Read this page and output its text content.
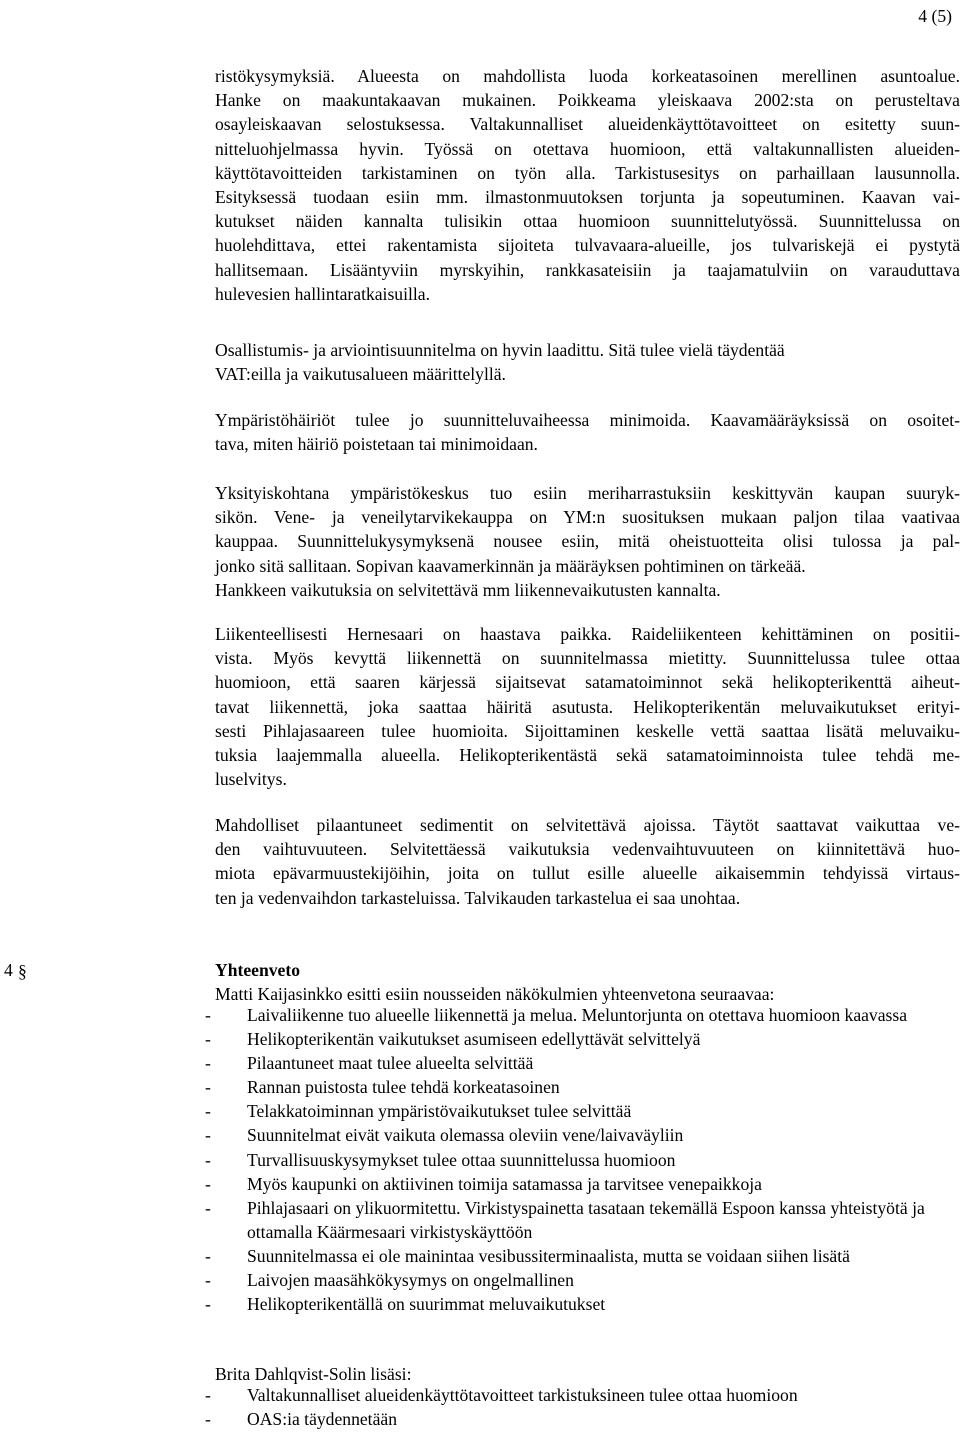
4 (5)
ristökysymyksiä. Alueesta on mahdollista luoda korkeatasoinen merellinen asuntoalue.
Hanke on maakuntakaavan mukainen. Poikkeama yleiskaava 2002:sta on perusteltava
osayleiskaavan selostuksessa. Valtakunnalliset alueidenkäyttötavoitteet on esitetty suun-
nitteluohjelmassa hyvin. Työssä on otettava huomioon, että valtakunnallisten alueiden-
käyttötavoitteiden tarkistaminen on työn alla. Tarkistusesitys on parhaillaan lausunnolla.
Esityksessä tuodaan esiin mm. ilmastonmuutoksen torjunta ja sopeutuminen. Kaavan vai-
kutukset näiden kannalta tulisikin ottaa huomioon suunnittelutyössä. Suunnittelussa on
huolehdittava, ettei rakentamista sijoiteta tulvavaara-alueille, jos tulvariskejä ei pystytä
hallitsemaan. Lisääntyviin myrskyihin, rankkasateisiin ja taajamatulviin on varauduttava
hulevesien hallintaratkaisuilla.
Osallistumis- ja arviointisuunnitelma on hyvin laadittu. Sitä tulee vielä täydentää
VAT:eilla ja vaikutusalueen määrittelyllä.
Ympäristöhäiriöt tulee jo suunnitteluvaiheessa minimoida. Kaavamääräyksissä on osoitet-
tava, miten häiriö poistetaan tai minimoidaan.
Yksityiskohtana ympäristökeskus tuo esiin meriharrastuksiin keskittyvän kaupan suuryk-
sikön. Vene- ja veneilytarvikekauppa on YM:n suosituksen mukaan paljon tilaa vaativaa
kauppaa. Suunnittelukysymyksenä nousee esiin, mitä oheistuotteita olisi tulossa ja pal-
jonko sitä sallitaan. Sopivan kaavamerkinnän ja määräyksen pohtiminen on tärkeää.
Hankkeen vaikutuksia on selvitettävä mm liikennevaikutusten kannalta.
Liikenteellisesti Hernesaari on haastava paikka. Raideliikenteen kehittäminen on positii-
vista. Myös kevyttä liikennettä on suunnitelmassa mietitty. Suunnittelussa tulee ottaa
huomioon, että saaren kärjessä sijaitsevat satamatoiminnot sekä helikopterikenttä aiheut-
tavat liikennettä, joka saattaa häiritä asutusta. Helikopterikentän meluvaikutukset erityi-
sesti Pihlajasaareen tulee huomioita. Sijoittaminen keskelle vettä saattaa lisätä meluvaiku-
tuksia laajemmalla alueella. Helikopterikentästä sekä satamatoiminnoista tulee tehdä me-
luselvitys.
Mahdolliset pilaantuneet sedimentit on selvitettävä ajoissa. Täytöt saattavat vaikuttaa ve-
den vaihtuvuuteen. Selvitettäessä vaikutuksia vedenvaihtuvuuteen on kiinnitettävä huo-
miota epävarmuustekijöihin, joita on tullut esille alueelle aikaisemmin tehdyissä virtaus-
ten ja vedenvaihdon tarkasteluissa. Talvikauden tarkastelua ei saa unohtaa.
4 §	Yhteenveto
Matti Kaijasinkko esitti esiin nousseiden näkökulmien yhteenvetona seuraavaa:
- Laivaliikenne tuo alueelle liikennettä ja melua. Meluntorjunta on otettava huomioon kaavassa
- Helikopterikentän vaikutukset asumiseen edellyttävät selvittelyä
- Pilaantuneet maat tulee alueelta selvittää
- Rannan puistosta tulee tehdä korkeatasoinen
- Telakkatoiminnan ympäristövaikutukset tulee selvittää
- Suunnitelmat eivät vaikuta olemassa oleviin vene/laivaväyliin
- Turvallisuuskysymykset tulee ottaa suunnittelussa huomioon
- Myös kaupunki on aktiivinen toimija satamassa ja tarvitsee venepaikkoja
- Pihlajasaari on ylikuormitettu. Virkistyspainetta tasataan tekemällä Espoon kanssa yhteistyötä ja ottamalla Käärmesaari virkistyskäyttöön
- Suunnitelmassa ei ole mainintaa vesibussiterminaalista, mutta se voidaan siihen lisätä
- Laivojen maasähkökysymys on ongelmallinen
- Helikopterikentällä on suurimmat meluvaikutukset
Brita Dahlqvist-Solin lisäsi:
- Valtakunnalliset alueidenkäyttötavoitteet tarkistuksineen tulee ottaa huomioon
- OAS:ia täydennetään
